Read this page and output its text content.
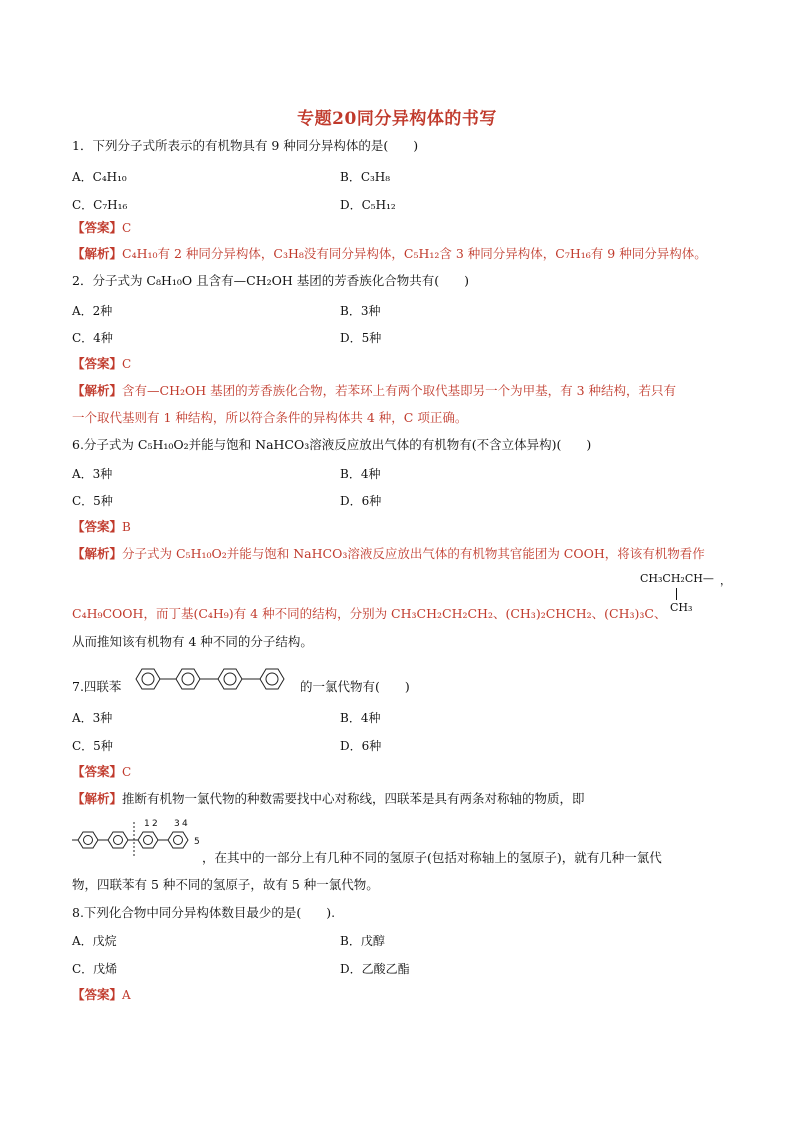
专题20同分异构体的书写
1．下列分子式所表示的有机物具有 9 种同分异构体的是(　　)
A．C₄H₁₀	B．C₃H₈
C．C₇H₁₆	D．C₅H₁₂
【答案】C
【解析】C₄H₁₀有 2 种同分异构体，C₃H₈没有同分异构体，C₅H₁₂含 3 种同分异构体，C₇H₁₆有 9 种同分异构体。
2．分子式为 C₈H₁₀O 且含有—CH₂OH 基团的芳香族化合物共有(　　)
A．2种	B．3种
C．4种	D．5种
【答案】C
【解析】含有—CH₂OH 基团的芳香族化合物，若苯环上有两个取代基即另一个为甲基，有 3 种结构，若只有
一个取代基则有 1 种结构，所以符合条件的异构体共 4 种，C 项正确。
6.分子式为 C₅H₁₀O₂并能与饱和 NaHCO₃溶液反应放出气体的有机物有(不含立体异构)(　　)
A．3种	B．4种
C．5种	D．6种
【答案】B
【解析】分子式为 C₅H₁₀O₂并能与饱和 NaHCO₃溶液反应放出气体的有机物其官能团为 COOH，将该有机物看作
CH₃CH₂CH— ，
CH₃
C₄H₉COOH，而丁基(C₄H₉)有 4 种不同的结构，分别为 CH₃CH₂CH₂CH₂、(CH₃)₂CHCH₂、(CH₃)₃C、
从而推知该有机物有 4 种不同的分子结构。
7.四联苯	的一氯代物有(　　)
A．3种	B．4种
C．5种	D．6种
【答案】C
【解析】推断有机物一氯代物的种数需要找中心对称线，四联苯是具有两条对称轴的物质，即
1 2 3 4
5
，在其中的一部分上有几种不同的氢原子(包括对称轴上的氢原子)，就有几种一氯代
物，四联苯有 5 种不同的氢原子，故有 5 种一氯代物。
8.下列化合物中同分异构体数目最少的是(　　).
A．戊烷	B．戊醇
C．戊烯	D．乙酸乙酯
【答案】A
